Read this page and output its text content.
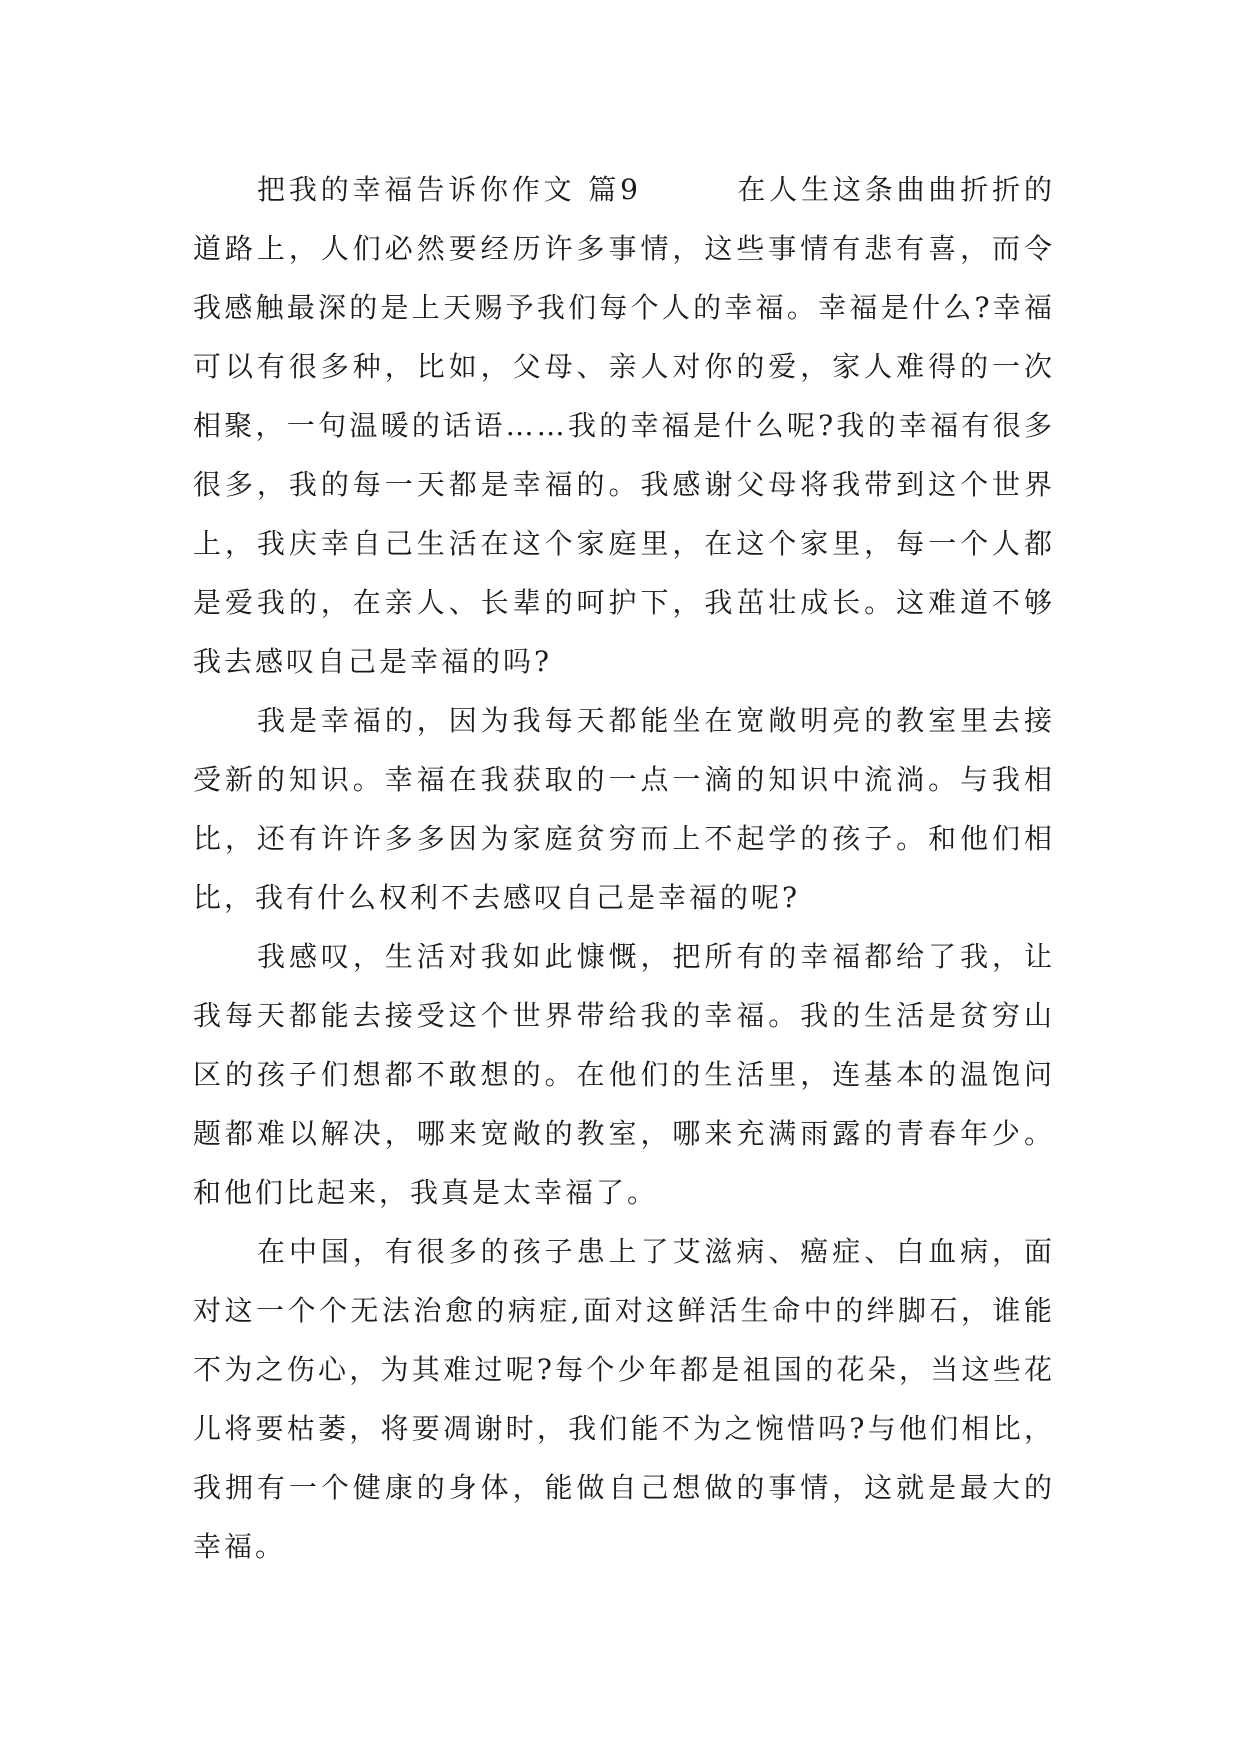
把我的幸福告诉你作文 篇9　　　	在人生这条曲曲折折的道路上，人们必然要经历许多事情，这些事情有悲有喜，而令我感触最深的是上天赐予我们每个人的幸福。幸福是什么?幸福可以有很多种，比如，父母、亲人对你的爱，家人难得的一次相聚，一句温暖的话语……我的幸福是什么呢?我的幸福有很多很多，我的每一天都是幸福的。我感谢父母将我带到这个世界上，我庆幸自己生活在这个家庭里，在这个家里，每一个人都是爱我的，在亲人、长辈的呵护下，我茁壮成长。这难道不够我去感叹自己是幸福的吗?

我是幸福的，因为我每天都能坐在宽敞明亮的教室里去接受新的知识。幸福在我获取的一点一滴的知识中流淌。与我相比，还有许许多多因为家庭贫穷而上不起学的孩子。和他们相比，我有什么权利不去感叹自己是幸福的呢?

我感叹，生活对我如此慷慨，把所有的幸福都给了我，让我每天都能去接受这个世界带给我的幸福。我的生活是贫穷山区的孩子们想都不敢想的。在他们的生活里，连基本的温饱问题都难以解决，哪来宽敞的教室，哪来充满雨露的青春年少。和他们比起来，我真是太幸福了。

在中国，有很多的孩子患上了艾滋病、癌症、白血病，面对这一个个无法治愈的病症,面对这鲜活生命中的绊脚石，谁能不为之伤心，为其难过呢?每个少年都是祖国的花朵，当这些花儿将要枯萎，将要凋谢时，我们能不为之惋惜吗?与他们相比，我拥有一个健康的身体，能做自己想做的事情，这就是最大的幸福。
